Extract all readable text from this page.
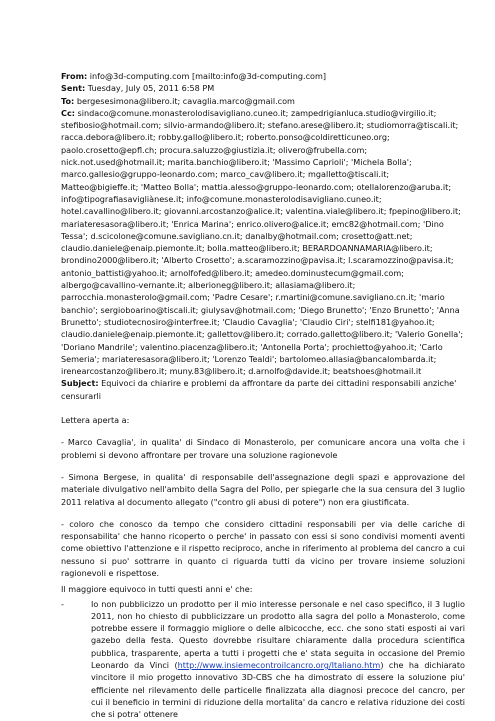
From: info@3d-computing.com [mailto:info@3d-computing.com]

Sent: Tuesday, July 05, 2011 6:58 PM

To: bergesesimona@libero.it; cavaglia.marco@gmail.com

Cc: sindaco@comune.monasterolodisavigliano.cuneo.it; zampedrigianluca.studio@virgilio.it; stefibosio@hotmail.com; silvio-armando@libero.it; stefano.arese@libero.it; studiomorra@tiscali.it; racca.debora@libero.it; robby.gallo@libero.it; roberto.ponso@coldiretticuneo.org; paolo.crosetto@epfl.ch; procura.saluzzo@giustizia.it; olivero@frubella.com; nick.not.used@hotmail.it; marita.banchio@libero.it; 'Massimo Caprioli'; 'Michela Bolla'; marco.gallesio@gruppo-leonardo.com; marco_cav@libero.it; mgalletto@tiscali.it; Matteo@bigieffe.it; 'Matteo Bolla'; mattia.alesso@gruppo-leonardo.com; otellalorenzo@aruba.it; info@tipografiasavigliànese.it; info@comune.monasterolodisavigliano.cuneo.it; hotel.cavallino@libero.it; giovanni.arcostanzo@alice.it; valentina.viale@libero.it; fpepino@libero.it; mariateresasora@libero.it; 'Enrica Marina'; enrico.olivero@alice.it; emc82@hotmail.com; 'Dino Tessa'; d.scicolone@comune.savigliano.cn.it; danalby@hotmail.com; crosetto@att.net; claudio.daniele@enaip.piemonte.it; bolla.matteo@libero.it; BERARDOANNAMARIA@libero.it; brondino2000@libero.it; 'Alberto Crosetto'; a.scaramozzino@pavisa.it; l.scaramozzino@pavisa.it; antonio_battisti@yahoo.it; arnolfofed@libero.it; amedeo.dominustecum@gmail.com; albergo@cavallino-vernante.it; alberioneg@libero.it; allasiama@libero.it; parrocchia.monasterolo@gmail.com; 'Padre Cesare'; r.martini@comune.savigliano.cn.it; 'mario banchio'; sergioboarino@tiscali.it; giulysav@hotmail.com; 'Diego Brunetto'; 'Enzo Brunetto'; 'Anna Brunetto'; studiotecnosiro@interfree.it; 'Claudio Cavaglia'; 'Claudio Ciri'; stelfi181@yahoo.it; claudio.daniele@enaip.piemonte.it; gallettov@libero.it; corrado.galletto@libero.it; 'Valerio Gonella'; 'Doriano Mandrile'; valentino.piacenza@libero.it; 'Antonella Porta'; prochietto@yahoo.it; 'Carlo Semeria'; mariateresasora@libero.it; 'Lorenzo Tealdi'; bartolomeo.allasia@bancalombarda.it; irenearcostanzo@libero.it; muny.83@libero.it; d.arnolfo@davide.it; beatshoes@hotmail.it

Subject: Equivoci da chiarire e problemi da affrontare da parte dei cittadini responsabili anziche' censurarli

Lettera aperta a:

- Marco Cavaglia', in qualita' di Sindaco di Monasterolo, per comunicare ancora una volta che i problemi si devono affrontare per trovare una soluzione ragionevole

- Simona Bergese, in qualita' di responsabile dell'assegnazione degli spazi e approvazione del materiale divulgativo nell'ambito della Sagra del Pollo, per spiegarle che la sua censura del 3 luglio 2011 relativa al documento allegato ("contro gli abusi di potere") non era giustificata.

- coloro che conosco da tempo che considero cittadini responsabili per via delle cariche di responsabilita' che hanno ricoperto o perche' in passato con essi si sono condivisi momenti aventi come obiettivo l'attenzione e il rispetto reciproco, anche in riferimento al problema del cancro a cui nessuno si puo' sottrarre in quanto ci riguarda tutti da vicino per trovare insieme soluzioni ragionevoli e rispettose.

Il maggiore equivoco in tutti questi anni e' che:

-	Io non pubblicizzo un prodotto per il mio interesse personale e nel caso specifico, il 3 luglio 2011, non ho chiesto di pubblicizzare un prodotto alla sagra del pollo a Monasterolo, come potrebbe essere il formaggio migliore o delle albicocche, ecc. che sono stati esposti ai vari gazebo della festa. Questo dovrebbe risultare chiaramente dalla procedura scientifica pubblica, trasparente, aperta a tutti i progetti che e' stata seguita in occasione del Premio Leonardo da Vinci (http://www.insiemecontroilcancro.org/Italiano.htm) che ha dichiarato vincitore il mio progetto innovativo 3D-CBS che ha dimostrato di essere la soluzione piu' efficiente nel rilevamento delle particelle finalizzata alla diagnosi precoce del cancro, per cui il beneficio in termini di riduzione della mortalita' da cancro e relativa riduzione dei costi che si potra' ottenere
